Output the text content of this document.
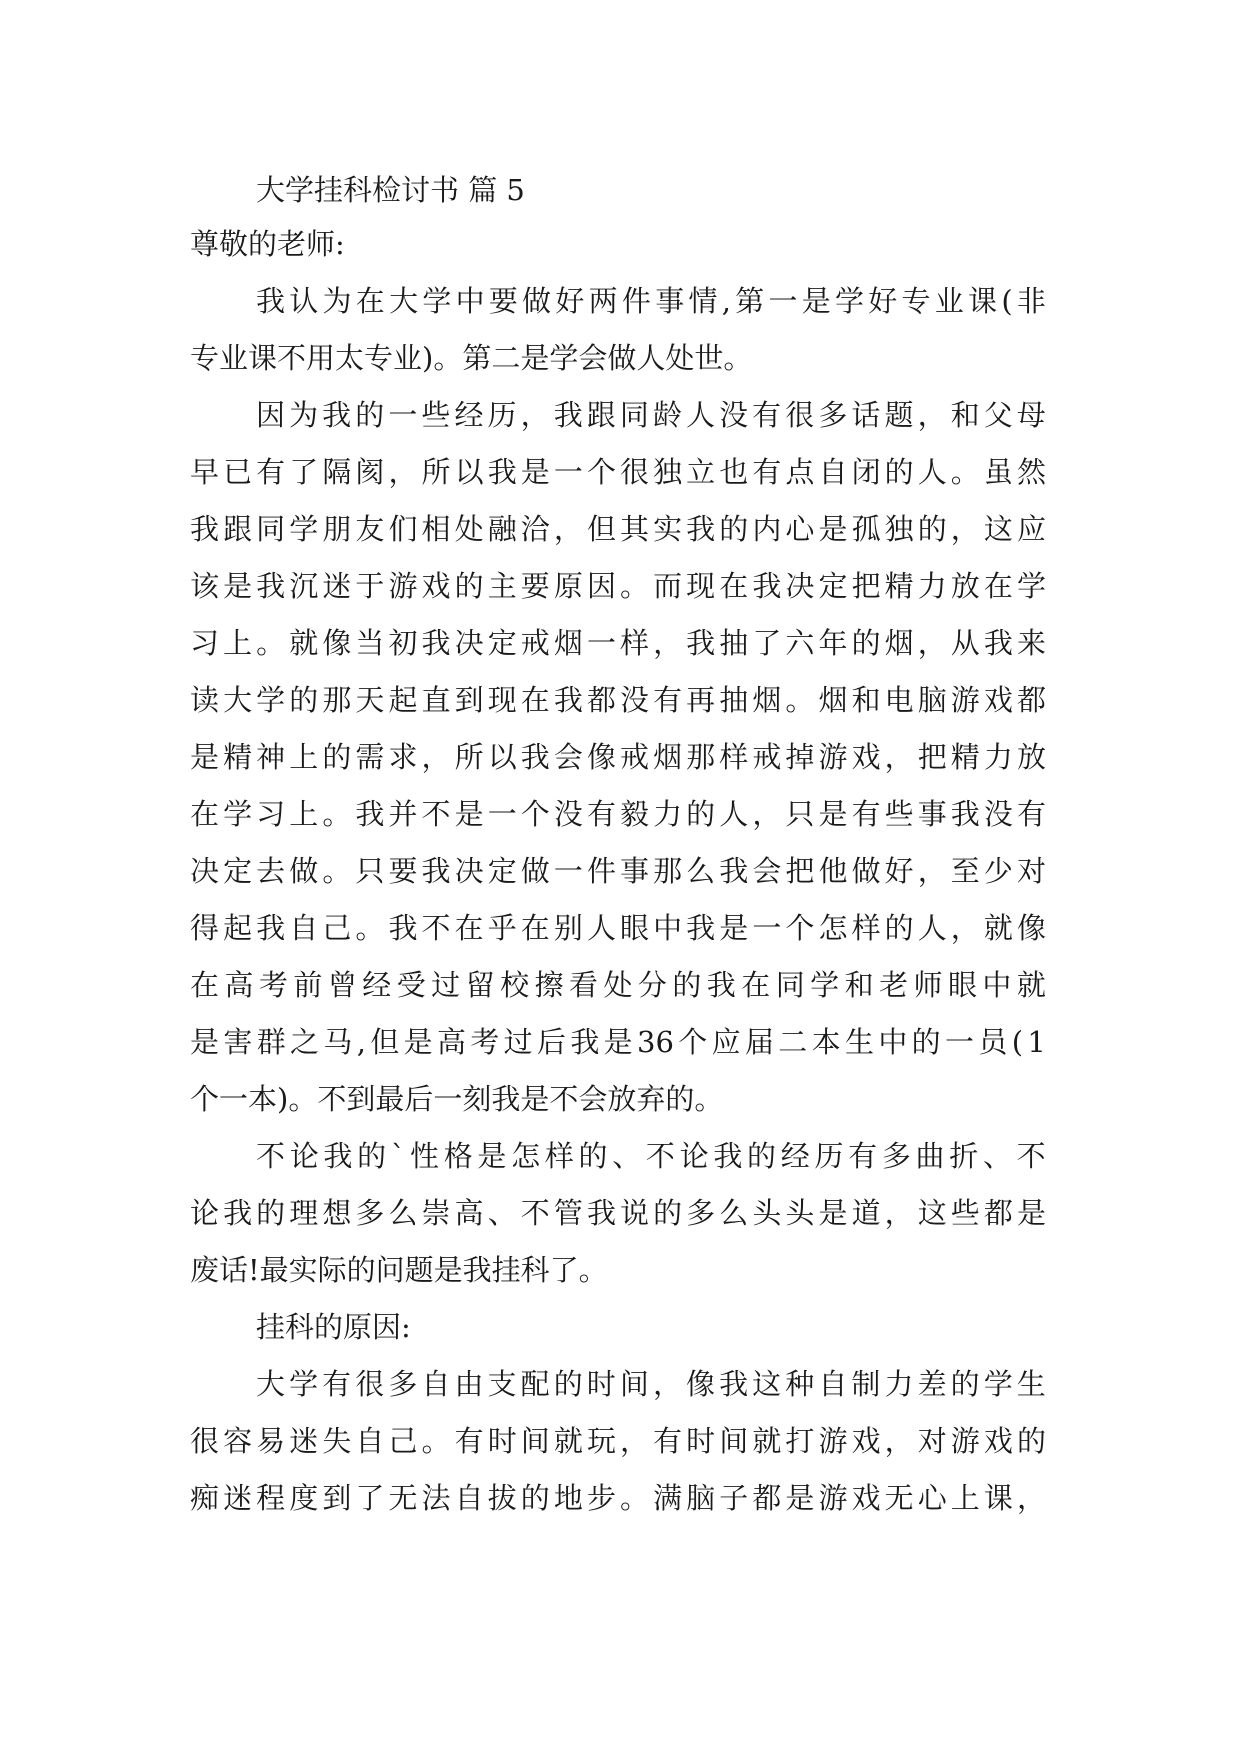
大学挂科检讨书 篇 5

尊敬的老师:

我 认 为 在 大 学 中 要 做 好 两 件 事 情 , 第 一 是 学 好 专 业 课 ( 非

专业课不用太专业)。第二是学会做人处世。

因 为 我 的 一 些 经 历 ， 我 跟 同 龄 人 没 有 很 多 话 题 ， 和 父 母

早 已 有 了 隔 阂 ， 所 以 我 是 一 个 很 独 立 也 有 点 自 闭 的 人 。 虽 然

我 跟 同 学 朋 友 们 相 处 融 洽 ， 但 其 实 我 的 内 心 是 孤 独 的 ， 这 应

该 是 我 沉 迷 于 游 戏 的 主 要 原 因 。 而 现 在 我 决 定 把 精 力 放 在 学

习 上 。 就 像 当 初 我 决 定 戒 烟 一 样 ， 我 抽 了 六 年 的 烟 ， 从 我 来

读 大 学 的 那 天 起 直 到 现 在 我 都 没 有 再 抽 烟 。 烟 和 电 脑 游 戏 都

是 精 神 上 的 需 求 ， 所 以 我 会 像 戒 烟 那 样 戒 掉 游 戏 ， 把 精 力 放

在 学 习 上 。 我 并 不 是 一 个 没 有 毅 力 的 人 ， 只 是 有 些 事 我 没 有

决 定 去 做 。 只 要 我 决 定 做 一 件 事 那 么 我 会 把 他 做 好 ， 至 少 对

得 起 我 自 己 。 我 不 在 乎 在 别 人 眼 中 我 是 一 个 怎 样 的 人 ， 就 像

在 高 考 前 曾 经 受 过 留 校 擦 看 处 分 的 我 在 同 学 和 老 师 眼 中 就

是 害 群 之 马 , 但 是 高 考 过 后 我 是 36 个 应 届 二 本 生 中 的 一 员 ( 1

个一本)。不到最后一刻我是不会放弃的。

不 论 我 的 ` 性 格 是 怎 样 的 、 不 论 我 的 经 历 有 多 曲 折 、 不

论 我 的 理 想 多 么 崇 高 、 不 管 我 说 的 多 么 头 头 是 道 ， 这 些 都 是

废话!最实际的问题是我挂科了。

挂科的原因:

大 学 有 很 多 自 由 支 配 的 时 间 ， 像 我 这 种 自 制 力 差 的 学 生

很 容 易 迷 失 自 己 。 有 时 间 就 玩 ， 有 时 间 就 打 游 戏 ， 对 游 戏 的

痴 迷 程 度 到 了 无 法 自 拔 的 地 步 。 满 脑 子 都 是 游 戏 无 心 上 课 ，
